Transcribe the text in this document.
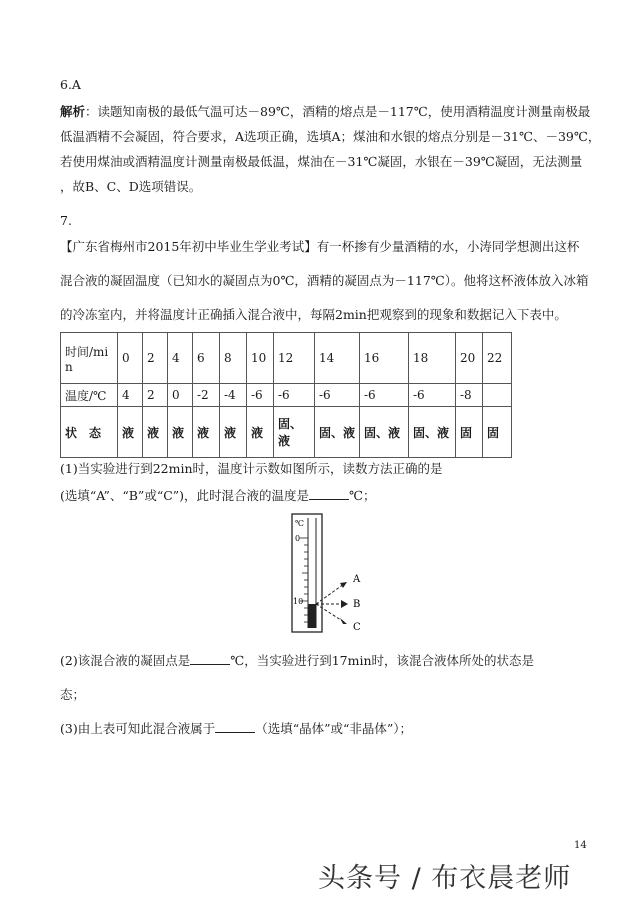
6.A
解析：读题知南极的最低气温可达－89℃，酒精的熔点是－117℃，使用酒精温度计测量南极最
低温酒精不会凝固，符合要求，A选项正确，选填A；煤油和水银的熔点分别是－31℃、－39℃，
若使用煤油或酒精温度计测量南极最低温，煤油在－31℃凝固，水银在－39℃凝固，无法测量
，故B、C、D选项错误。
7.
【广东省梅州市2015年初中毕业生学业考试】有一杯掺有少量酒精的水，小涛同学想测出这杯
混合液的凝固温度（已知水的凝固点为0℃，酒精的凝固点为－117℃）。他将这杯液体放入冰箱
的冷冻室内，并将温度计正确插入混合液中，每隔2min把观察到的现象和数据记入下表中。
时间/min	0	2	4	6	8	10	12	14	16	18	20	22
温度/℃	4	2	0	-2	-4	-6	-6	-6	-6	-6	-8	
状　态	液	液	液	液	液	液	固、液	固、液	固、液	固、液	固	固
(1)当实验进行到22min时，温度计示数如图所示，读数方法正确的是
(选填“A”、“B”或“C”)，此时混合液的温度是	℃；
℃
0
10
A
B
C
(2)该混合液的凝固点是	℃，当实验进行到17min时，该混合液体所处的状态是
态；
(3)由上表可知此混合液属于	（选填“晶体”或“非晶体”）；
14
头条号 / 布衣晨老师
